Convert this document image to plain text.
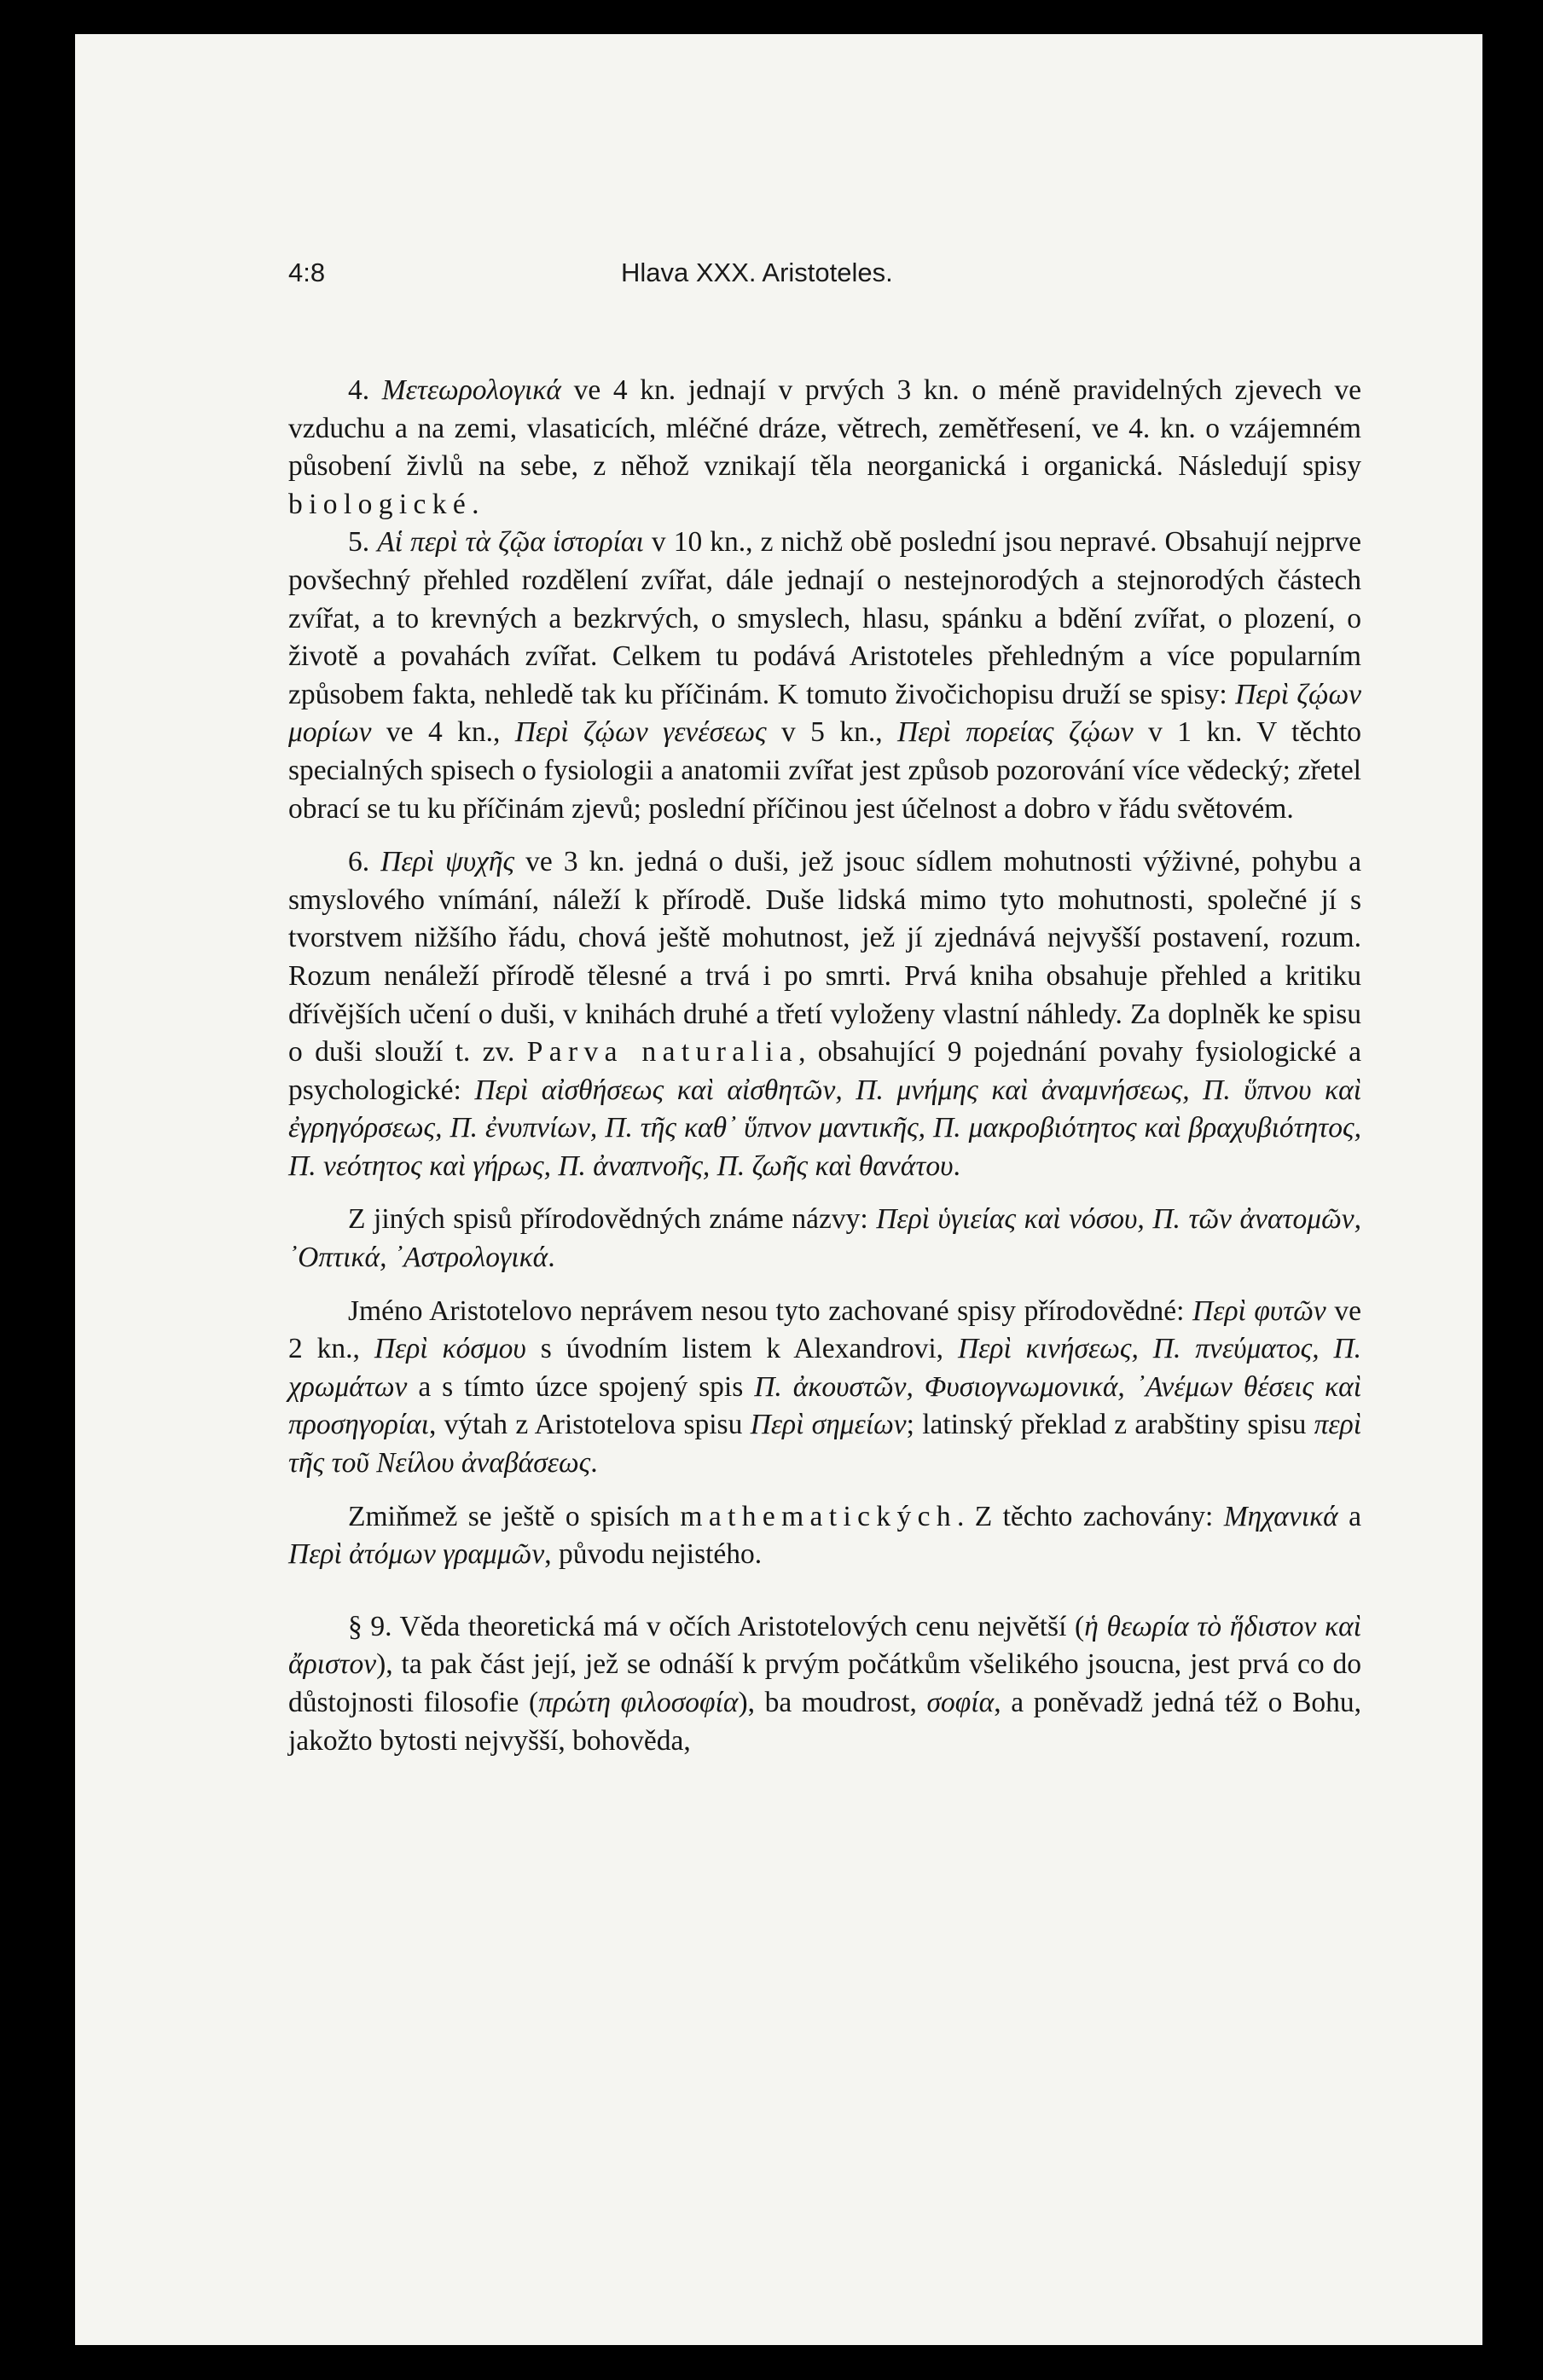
4:8	Hlava XXX. Aristoteles.

4. Μετεωρολογικά ve 4 kn. jednají v prvých 3 kn. o méně pravidelných zjevech ve vzduchu a na zemi, vlasaticích, mléčné dráze, větrech, zemětřesení, ve 4. kn. o vzájemném působení živlů na sebe, z něhož vznikají těla neorganická i organická. Následují spisy biologické.

5. Αἱ περὶ τὰ ζῷα ἱστορίαι v 10 kn., z nichž obě poslední jsou nepravé. Obsahují nejprve povšechný přehled rozdělení zvířat, dále jednají o nestejnorodých a stejnorodých částech zvířat, a to krevných a bezkrvých, o smyslech, hlasu, spánku a bdění zvířat, o plození, o životě a povahách zvířat. Celkem tu podává Aristoteles přehledným a více popularním způsobem fakta, nehledě tak ku příčinám. K tomuto živočichopisu druží se spisy: Περὶ ζῴων μορίων ve 4 kn., Περὶ ζῴων γενέσεως v 5 kn., Περὶ πορείας ζῴων v 1 kn. V těchto specialných spisech o fysiologii a anatomii zvířat jest způsob pozorování více vědecký; zřetel obrací se tu ku příčinám zjevů; poslední příčinou jest účelnost a dobro v řádu světovém.

6. Περὶ ψυχῆς ve 3 kn. jedná o duši, jež jsouc sídlem mohutnosti výživné, pohybu a smyslového vnímání, náleží k přírodě. Duše lidská mimo tyto mohutnosti, společné jí s tvorstvem nižšího řádu, chová ještě mohutnost, jež jí zjednává nejvyšší postavení, rozum. Rozum nenáleží přírodě tělesné a trvá i po smrti. Prvá kniha obsahuje přehled a kritiku dřívějších učení o duši, v knihách druhé a třetí vyloženy vlastní náhledy. Za doplněk ke spisu o duši slouží t. zv. Parva naturalia, obsahující 9 pojednání povahy fysiologické a psychologické: Περὶ αἰσθήσεως καὶ αἰσθητῶν, Π. μνήμης καὶ ἀναμνήσεως, Π. ὕπνου καὶ ἐγρηγόρσεως, Π. ἐνυπνίων, Π. τῆς καθ᾽ ὕπνον μαντικῆς, Π. μακροβιότητος καὶ βραχυβιότητος, Π. νεότητος καὶ γήρως, Π. ἀναπνοῆς, Π. ζωῆς καὶ θανάτου.

Z jiných spisů přírodovědných známe názvy: Περὶ ὑγιείας καὶ νόσου, Π. τῶν ἀνατομῶν, ᾿Οπτικά, ᾿Αστρολογικά.

Jméno Aristotelovo neprávem nesou tyto zachované spisy přírodovědné: Περὶ φυτῶν ve 2 kn., Περὶ κόσμου s úvodním listem k Alexandrovi, Περὶ κινήσεως, Π. πνεύματος, Π. χρωμάτων a s tímto úzce spojený spis Π. ἀκουστῶν, Φυσιογνωμονικά, ᾿Ανέμων θέσεις καὶ προσηγορίαι, výtah z Aristotelova spisu Περὶ σημείων; latinský překlad z arabštiny spisu περὶ τῆς τοῦ Νείλου ἀναβάσεως.

Zmiňmež se ještě o spisích mathematických. Z těchto zachovány: Μηχανικά a Περὶ ἀτόμων γραμμῶν, původu nejistého.

§ 9. Věda theoretická má v očích Aristotelových cenu největší (ἡ θεωρία τὸ ἥδιστον καὶ ἄριστον), ta pak část její, jež se odnáší k prvým počátkům všelikého jsoucna, jest prvá co do důstojnosti filosofie (πρώτη φιλοσοφία), ba moudrost, σοφία, a poněvadž jedná též o Bohu, jakožto bytosti nejvyšší, bohověda,
